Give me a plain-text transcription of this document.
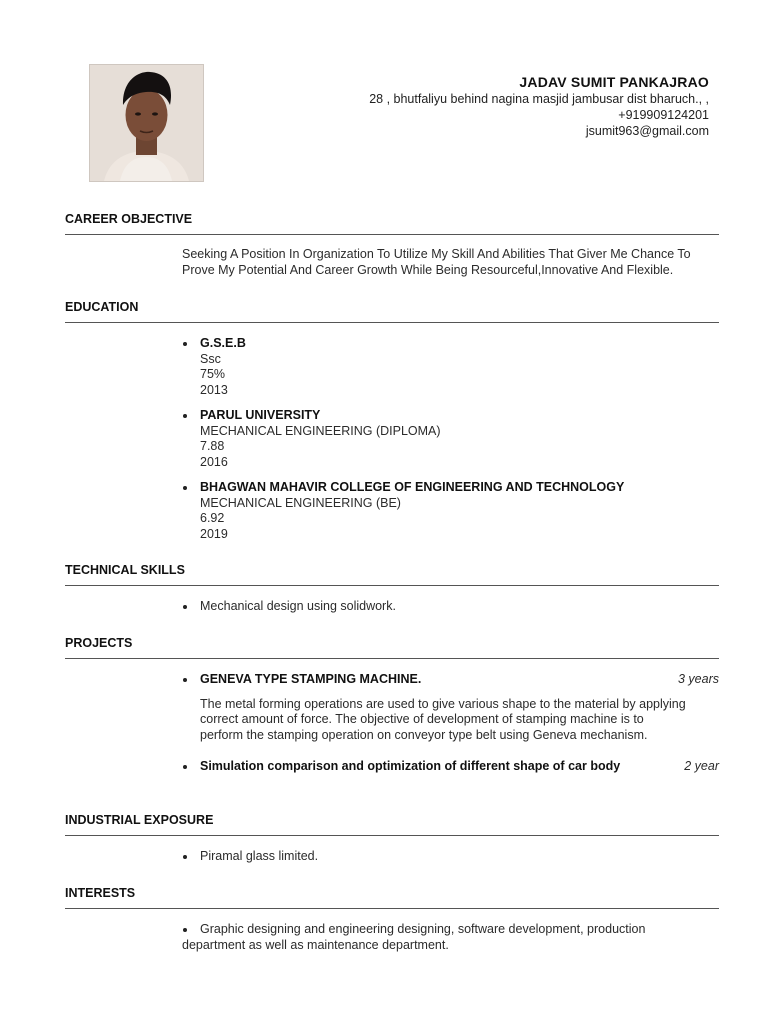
JADAV SUMIT PANKAJRAO
28 , bhutfaliyu behind nagina masjid jambusar dist bharuch., ,
+919909124201
jsumit963@gmail.com
CAREER OBJECTIVE
Seeking A Position In Organization To Utilize My Skill And Abilities That Giver Me Chance To
Prove My Potential And Career Growth While Being Resourceful,Innovative And Flexible.
EDUCATION
G.S.E.B
Ssc
75%
2013
PARUL UNIVERSITY
MECHANICAL ENGINEERING (DIPLOMA)
7.88
2016
BHAGWAN MAHAVIR COLLEGE OF ENGINEERING AND TECHNOLOGY
MECHANICAL ENGINEERING (BE)
6.92
2019
TECHNICAL SKILLS
Mechanical design using solidwork.
PROJECTS
GENEVA TYPE STAMPING MACHINE.	3 years
The metal forming operations are used to give various shape to the material by applying
correct amount of force. The objective of development of stamping machine is to
perform the stamping operation on conveyor type belt using Geneva mechanism.
Simulation comparison and optimization of different shape of car body	2 year
INDUSTRIAL EXPOSURE
Piramal glass limited.
INTERESTS
Graphic designing and engineering designing, software development, production
department as well as maintenance department.
